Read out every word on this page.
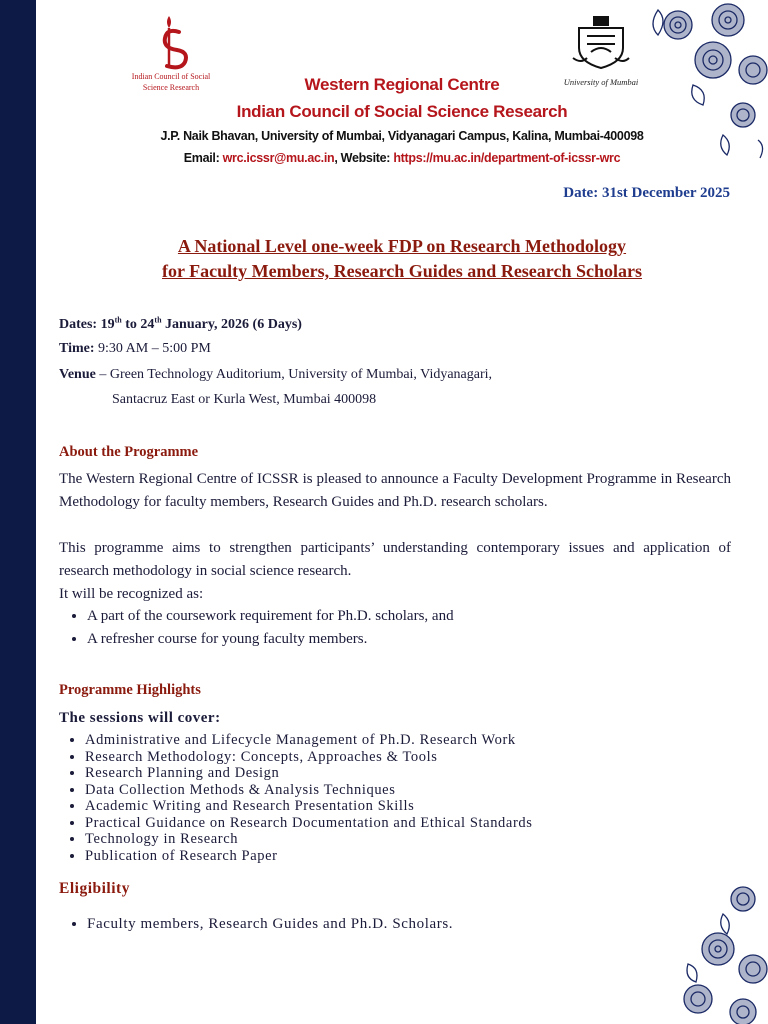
Indian Council of Social
Science Research
University of Mumbai
Western Regional Centre
Indian Council of Social Science Research
J.P. Naik Bhavan, University of Mumbai, Vidyanagari Campus, Kalina, Mumbai-400098
Email: wrc.icssr@mu.ac.in, Website: https://mu.ac.in/department-of-icssr-wrc
Date: 31st December 2025
A National Level one-week FDP on Research Methodology
for Faculty Members, Research Guides and Research Scholars
Dates: 19th to 24th January, 2026 (6 Days)
Time: 9:30 AM – 5:00 PM
Venue – Green Technology Auditorium, University of Mumbai, Vidyanagari,
Santacruz East or Kurla West, Mumbai 400098
About the Programme
The Western Regional Centre of ICSSR is pleased to announce a Faculty Development Programme in Research Methodology for faculty members, Research Guides and Ph.D. research scholars.
This programme aims to strengthen participants’ understanding contemporary issues and application of research methodology in social science research.
It will be recognized as:
• A part of the coursework requirement for Ph.D. scholars, and
• A refresher course for young faculty members.
Programme Highlights
The sessions will cover:
• Administrative and Lifecycle Management of Ph.D. Research Work
• Research Methodology: Concepts, Approaches & Tools
• Research Planning and Design
• Data Collection Methods & Analysis Techniques
• Academic Writing and Research Presentation Skills
• Practical Guidance on Research Documentation and Ethical Standards
• Technology in Research
• Publication of Research Paper
Eligibility
• Faculty members, Research Guides and Ph.D. Scholars.
